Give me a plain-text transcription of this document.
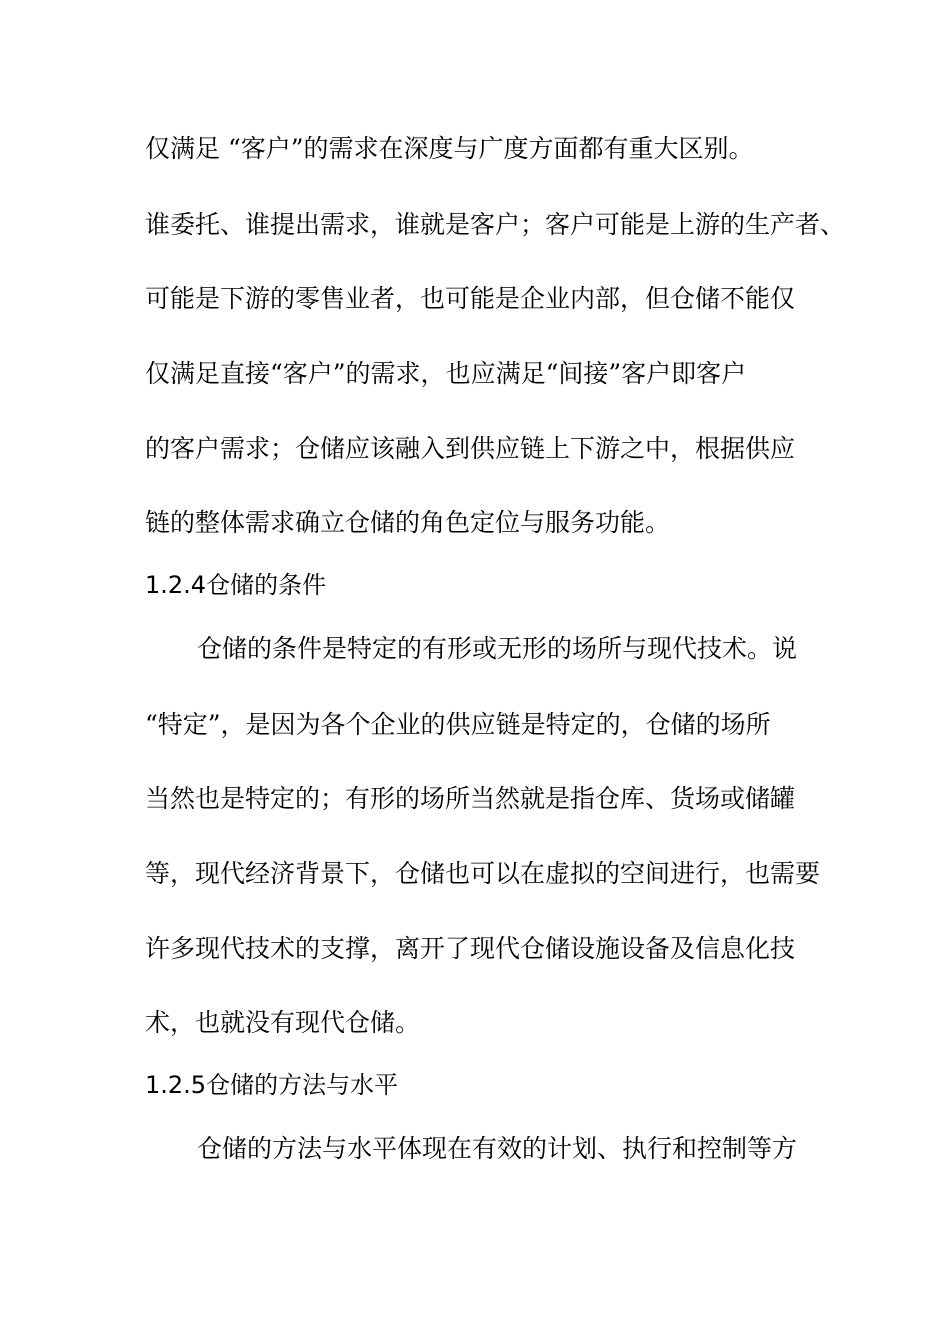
仅满足 “客户”的需求在深度与广度方面都有重大区别。
谁委托、谁提出需求，谁就是客户；客户可能是上游的生产者、
可能是下游的零售业者，也可能是企业内部，但仓储不能仅
仅满足直接“客户”的需求，也应满足“间接”客户即客户
的客户需求；仓储应该融入到供应链上下游之中，根据供应
链的整体需求确立仓储的角色定位与服务功能。
1.2.4仓储的条件
仓储的条件是特定的有形或无形的场所与现代技术。说
“特定”，是因为各个企业的供应链是特定的，仓储的场所
当然也是特定的；有形的场所当然就是指仓库、货场或储罐
等，现代经济背景下，仓储也可以在虚拟的空间进行，也需要
许多现代技术的支撑，离开了现代仓储设施设备及信息化技
术，也就没有现代仓储。
1.2.5仓储的方法与水平
仓储的方法与水平体现在有效的计划、执行和控制等方
